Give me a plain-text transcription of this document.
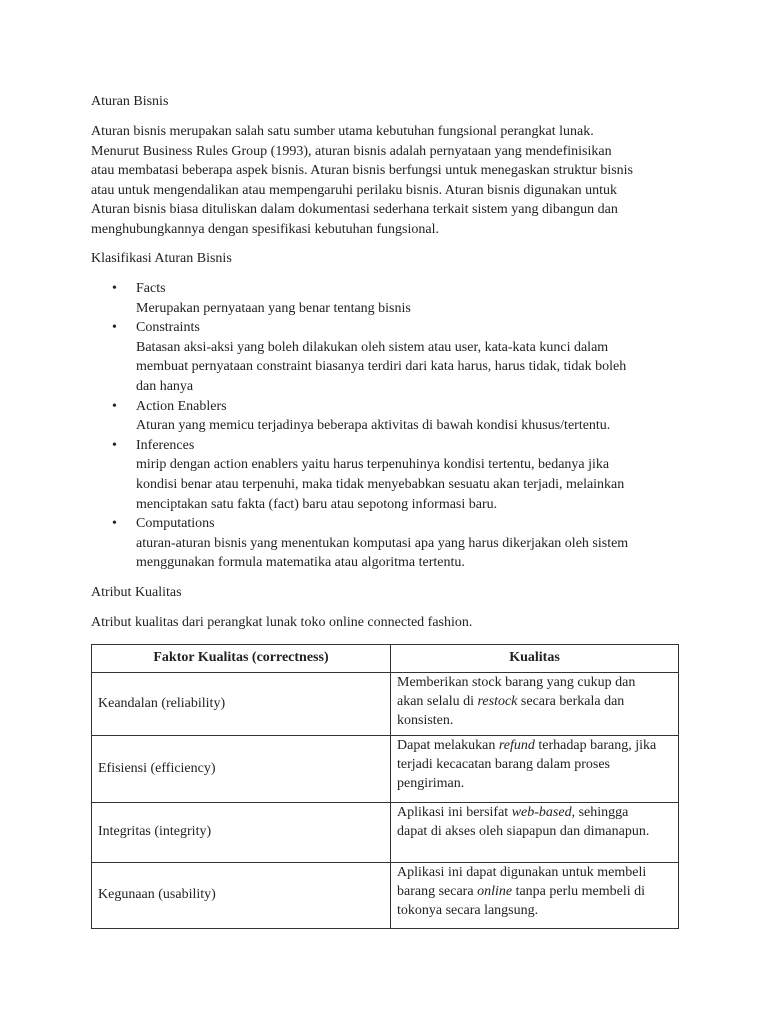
Aturan Bisnis
Aturan bisnis merupakan salah satu sumber utama kebutuhan fungsional perangkat lunak.
Menurut Business Rules Group (1993), aturan bisnis adalah pernyataan yang mendefinisikan
atau membatasi beberapa aspek bisnis. Aturan bisnis berfungsi untuk menegaskan struktur bisnis
atau untuk mengendalikan atau mempengaruhi perilaku bisnis. Aturan bisnis digunakan untuk
Aturan bisnis biasa dituliskan dalam dokumentasi sederhana terkait sistem yang dibangun dan
menghubungkannya dengan spesifikasi kebutuhan fungsional.
Klasifikasi Aturan Bisnis
• Facts
Merupakan pernyataan yang benar tentang bisnis
• Constraints
Batasan aksi-aksi yang boleh dilakukan oleh sistem atau user, kata-kata kunci dalam
membuat pernyataan constraint biasanya terdiri dari kata harus, harus tidak, tidak boleh
dan hanya
• Action Enablers
Aturan yang memicu terjadinya beberapa aktivitas di bawah kondisi khusus/tertentu.
• Inferences
mirip dengan action enablers yaitu harus terpenuhinya kondisi tertentu, bedanya jika
kondisi benar atau terpenuhi, maka tidak menyebabkan sesuatu akan terjadi, melainkan
menciptakan satu fakta (fact) baru atau sepotong informasi baru.
• Computations
aturan-aturan bisnis yang menentukan komputasi apa yang harus dikerjakan oleh sistem
menggunakan formula matematika atau algoritma tertentu.
Atribut Kualitas
Atribut kualitas dari perangkat lunak toko online connected fashion.
Faktor Kualitas (correctness)	Kualitas
Keandalan (reliability)	Memberikan stock barang yang cukup dan
akan selalu di restock secara berkala dan
konsisten.

Efisiensi (efficiency)	Dapat melakukan refund terhadap barang, jika
terjadi kecacatan barang dalam proses
pengiriman.

Integritas (integrity)	Aplikasi ini bersifat web-based, sehingga
dapat di akses oleh siapapun dan dimanapun.

Kegunaan (usability)	Aplikasi ini dapat digunakan untuk membeli
barang secara online tanpa perlu membeli di
tokonya secara langsung.
